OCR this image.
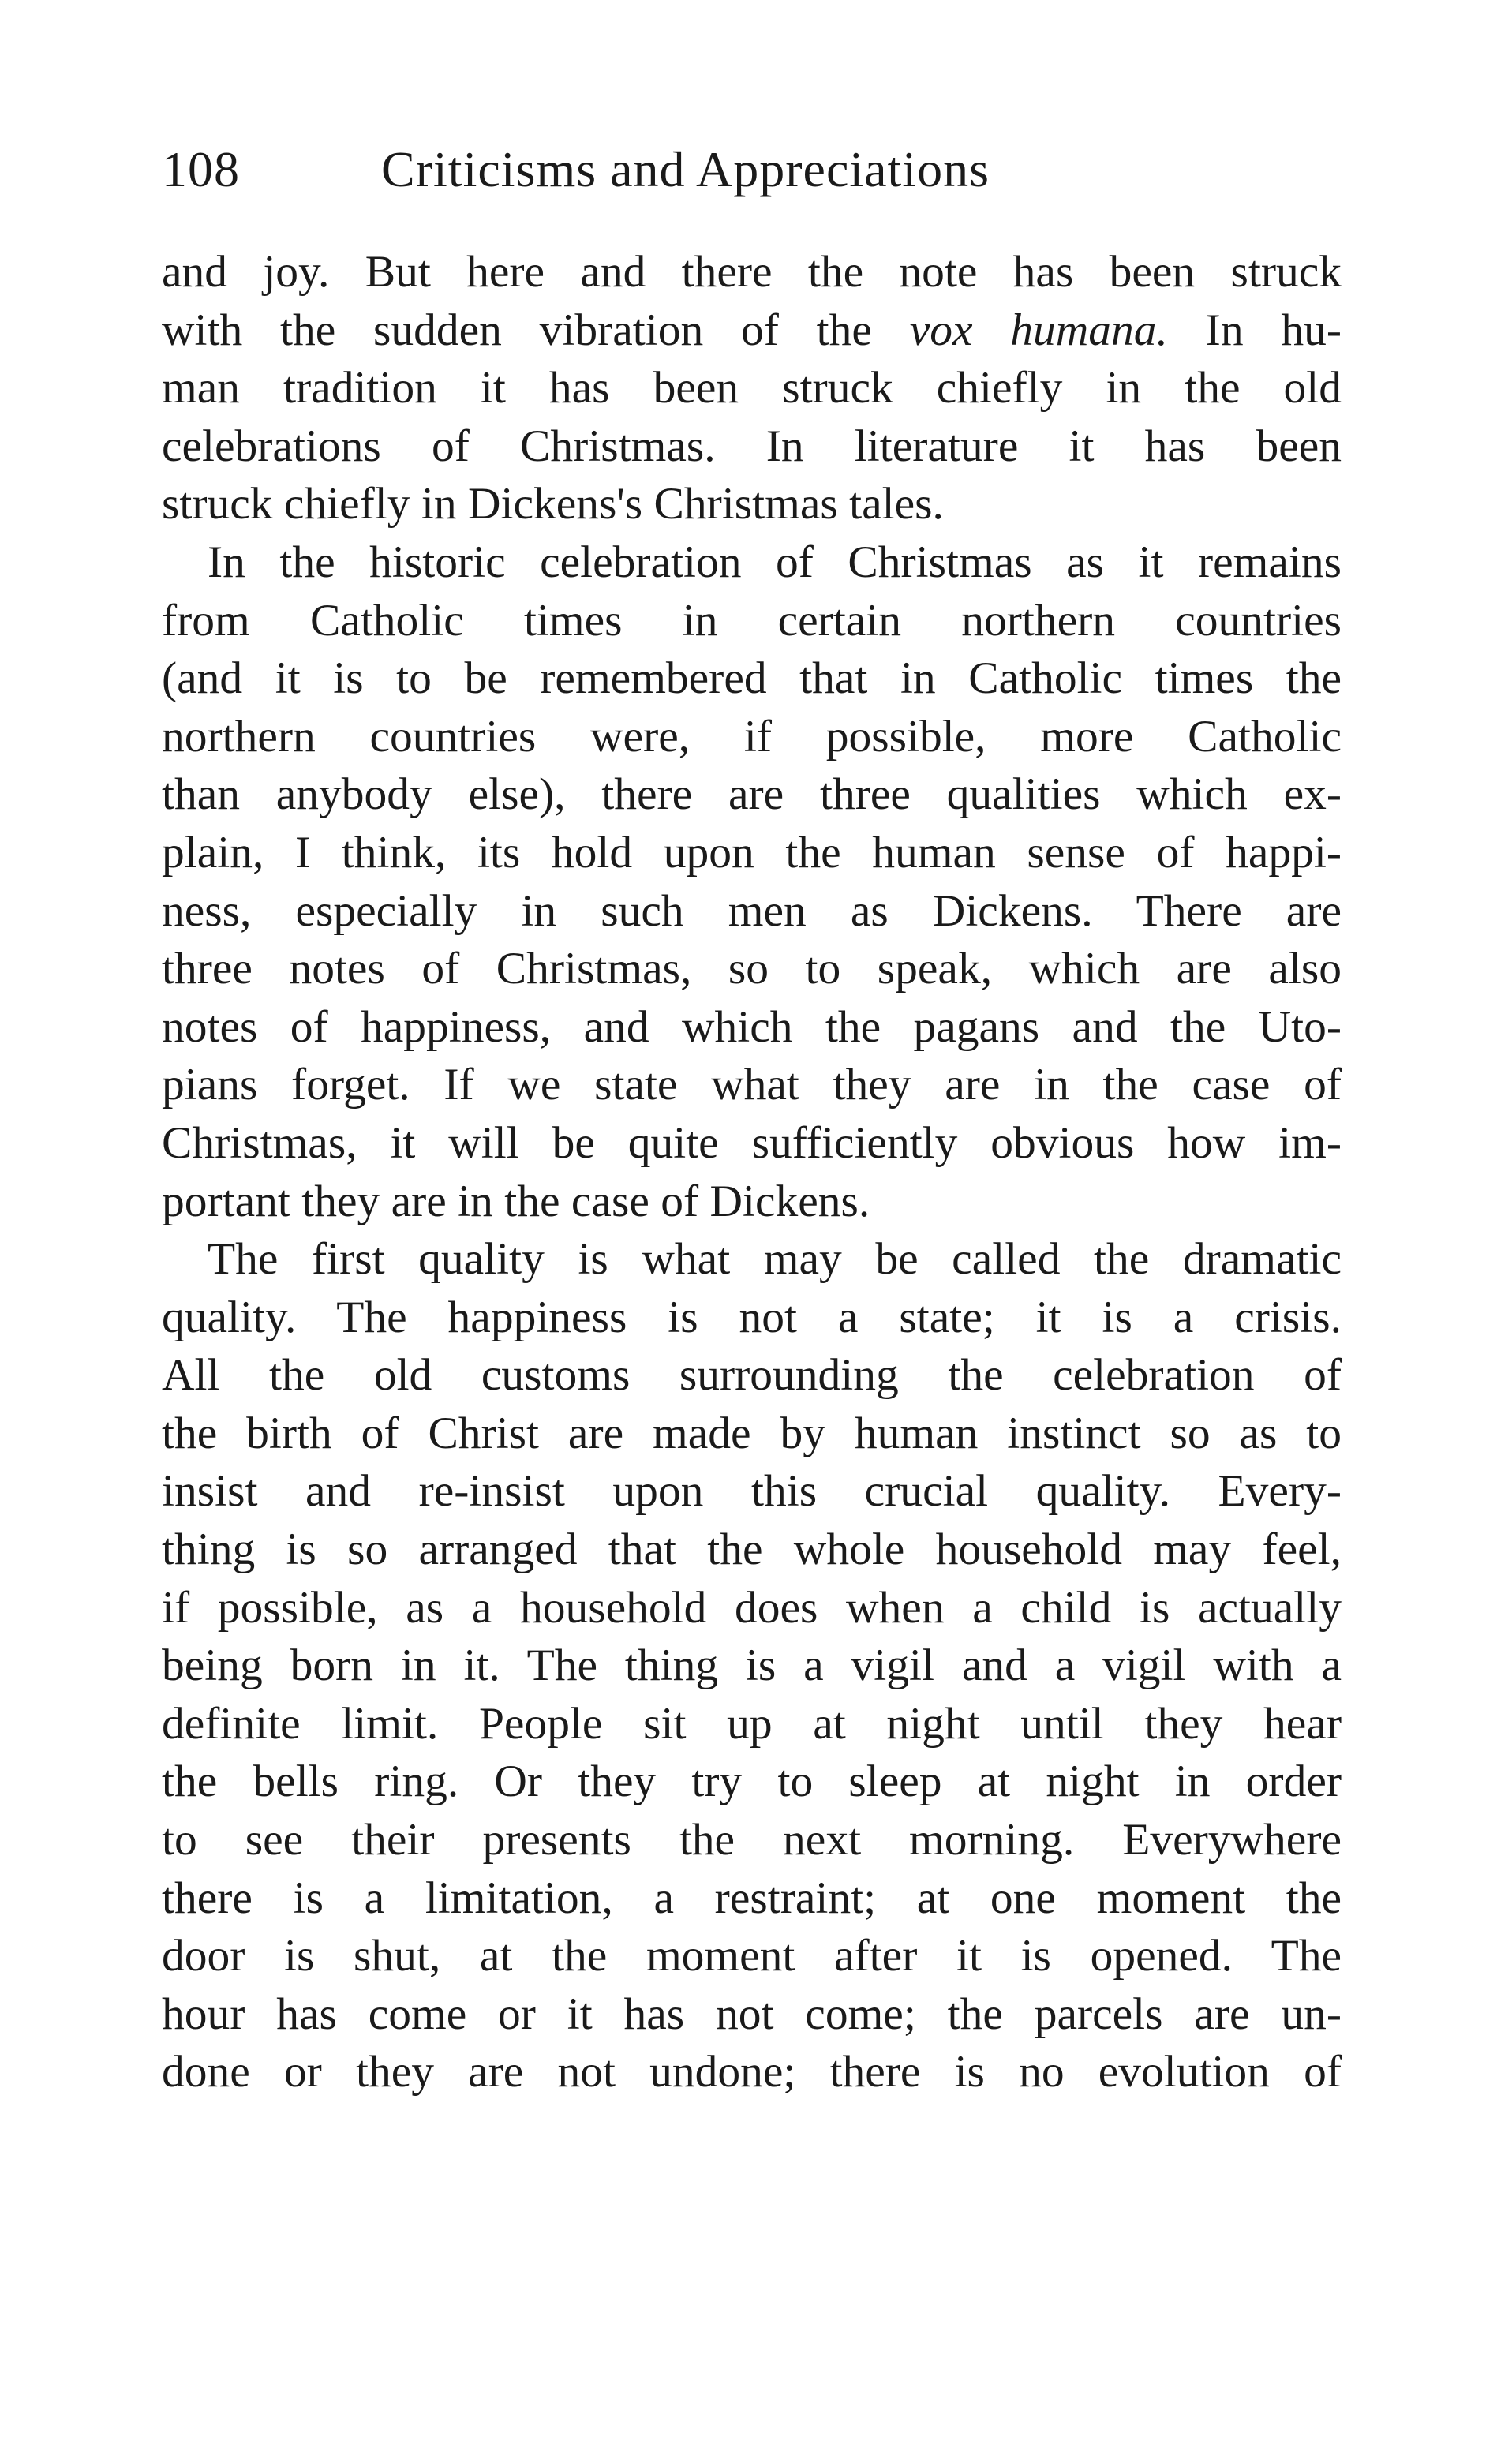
108	Criticisms and Appreciations
and joy. But here and there the note has been struck
with the sudden vibration of the vox humana. In hu-
man tradition it has been struck chiefly in the old
celebrations of Christmas. In literature it has been
struck chiefly in Dickens's Christmas tales.
In the historic celebration of Christmas as it remains
from Catholic times in certain northern countries
(and it is to be remembered that in Catholic times the
northern countries were, if possible, more Catholic
than anybody else), there are three qualities which ex-
plain, I think, its hold upon the human sense of happi-
ness, especially in such men as Dickens. There are
three notes of Christmas, so to speak, which are also
notes of happiness, and which the pagans and the Uto-
pians forget. If we state what they are in the case of
Christmas, it will be quite sufficiently obvious how im-
portant they are in the case of Dickens.
The first quality is what may be called the dramatic
quality. The happiness is not a state; it is a crisis.
All the old customs surrounding the celebration of
the birth of Christ are made by human instinct so as to
insist and re-insist upon this crucial quality. Every-
thing is so arranged that the whole household may feel,
if possible, as a household does when a child is actually
being born in it. The thing is a vigil and a vigil with a
definite limit. People sit up at night until they hear
the bells ring. Or they try to sleep at night in order
to see their presents the next morning. Everywhere
there is a limitation, a restraint; at one moment the
door is shut, at the moment after it is opened. The
hour has come or it has not come; the parcels are un-
done or they are not undone; there is no evolution of
